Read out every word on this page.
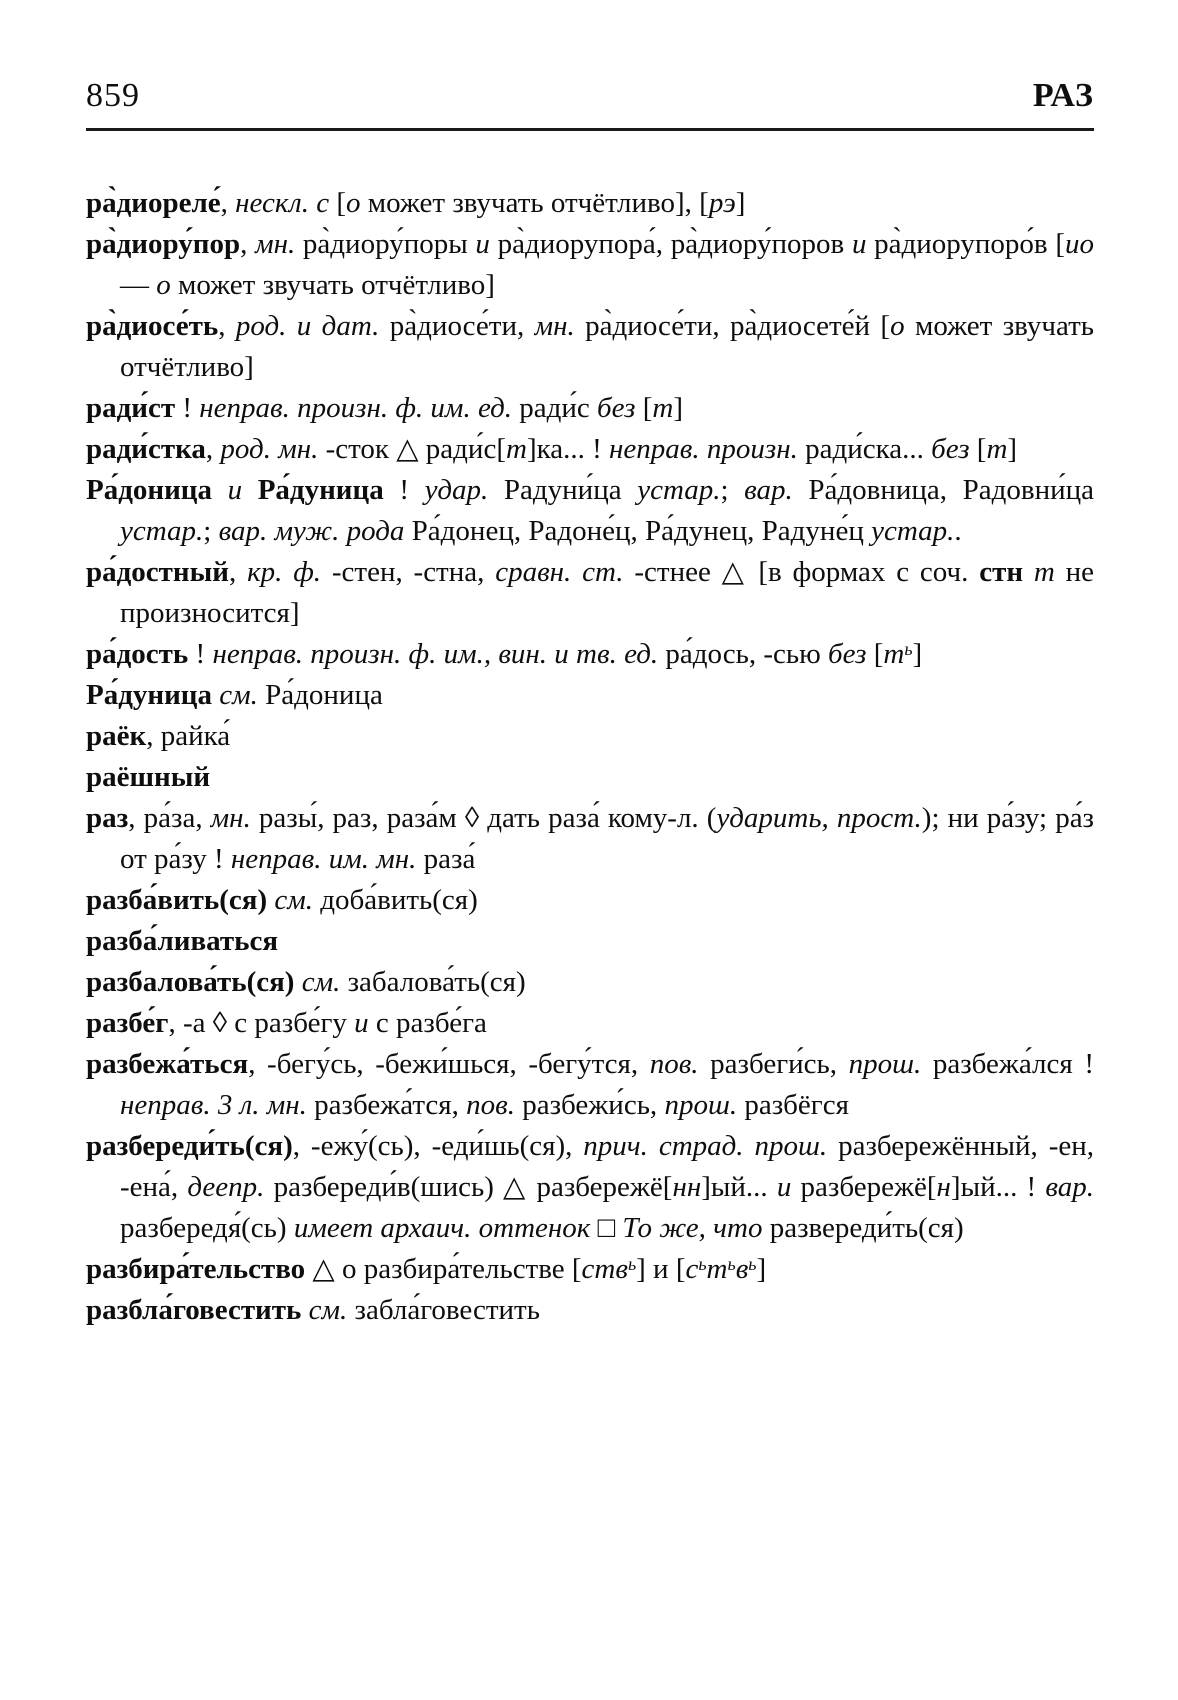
859	РАЗ

ра̀диореле́, нескл. с [о может звучать отчётливо], [рэ]

ра̀диору́пор, мн. ра̀диору́поры и ра̀диорупора́, ра̀диору́поров и ра̀диорупоро́в [ио — о может звучать отчётливо]

ра̀диосе́ть, род. и дат. ра̀диосе́ти, мн. ра̀диосе́ти, ра̀диосете́й [о может звучать отчётливо]

ради́ст ! неправ. произн. ф. им. ед. ради́с без [т]

ради́стка, род. мн. -сток △ ради́с[т]ка... ! неправ. произн. ради́ска... без [т]

Ра́доница и Ра́дуница ! удар. Радуни́ца устар.; вар. Ра́довница, Радовни́ца устар.; вар. муж. рода Ра́донец, Радоне́ц, Ра́дунец, Радуне́ц устар..

ра́достный, кр. ф. -стен, -стна, сравн. ст. -стнее △ [в формах с соч. стн т не произносится]

ра́дость ! неправ. произн. ф. им., вин. и тв. ед. ра́дось, -сью без $[т^ь]$

Ра́дуница см. Ра́доница

раёк, райка́

раёшный

раз, ра́за, мн. разы́, раз, раза́м ◊ дать раза́ кому-л. (ударить, прост.); ни ра́зу; ра́з от ра́зу ! неправ. им. мн. раза́

разба́вить(ся) см. доба́вить(ся)

разба́ливаться

разбалова́ть(ся) см. забалова́ть(ся)

разбе́г, -а ◊ с разбе́гу и с разбе́га

разбежа́ться, -бегу́сь, -бежи́шься, -бегу́тся, пов. разбеги́сь, прош. разбежа́лся ! неправ. 3 л. мн. разбежа́тся, пов. разбежи́сь, прош. разбёгся

разбереди́ть(ся), -ежу́(сь), -еди́шь(ся), прич. страд. прош. разбережённый, -ен, -ена́, деепр. разбереди́в(шись) △ разбережё[нн]ый... и разбережё[н]ый... ! вар. разбередя́(сь) имеет архаич. оттенок □ То же, что развереди́ть(ся)

разбира́тельство △ о разбира́тельстве [ств$^ь$] и $[с^ьт^ьв^ь]$

разбла́говестить см. забла́говестить
